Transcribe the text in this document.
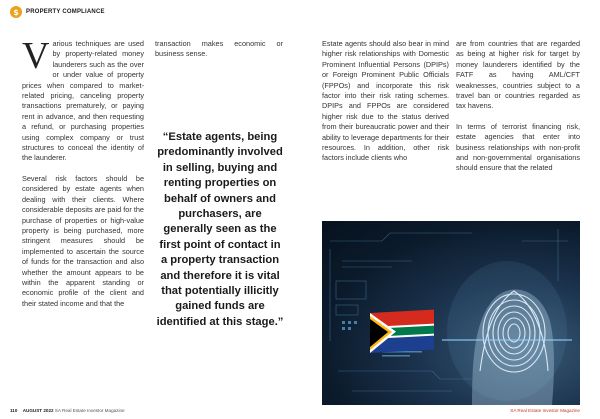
$	PROPERTY COMPLIANCE

Various techniques are used by property-related money launderers such as the over or under value of property prices when compared to market-related pricing, canceling property transactions prematurely, or paying rent in advance, and then requesting a refund, or purchasing properties using complex company or trust structures to conceal the identity of the launderer.

Several risk factors should be considered by estate agents when dealing with their clients. Where considerable deposits are paid for the purchase of properties or high-value property is being purchased, more stringent measures should be implemented to ascertain the source of funds for the transaction and also whether the amount appears to be within the apparent standing or economic profile of the client and their stated income and that the

transaction makes economic or business sense.

“Estate agents, being predominantly involved in selling, buying and renting properties on behalf of owners and purchasers, are generally seen as the first point of contact in a property transaction and therefore it is vital that potentially illicitly gained funds are identified at this stage.”

Estate agents should also bear in mind higher risk relationships with Domestic Prominent Influential Persons (DPIPs) or Foreign Prominent Public Officials (FPPOs) and incorporate this risk factor into their risk rating schemes. DPIPs and FPPOs are considered higher risk due to the status derived from their bureaucratic power and their ability to leverage departments for their resources. In addition, other risk factors include clients who

are from countries that are regarded as being at higher risk for target by money launderers identified by the FATF as having AML/CFT weaknesses, countries subject to a travel ban or countries regarded as tax havens.

In terms of terrorist financing risk, estate agencies that enter into business relationships with non-profit and non-governmental organisations should ensure that the related

110 AUGUST 2022 SA Real Estate Investor Magazine	SA Real Estate Investor Magazine
